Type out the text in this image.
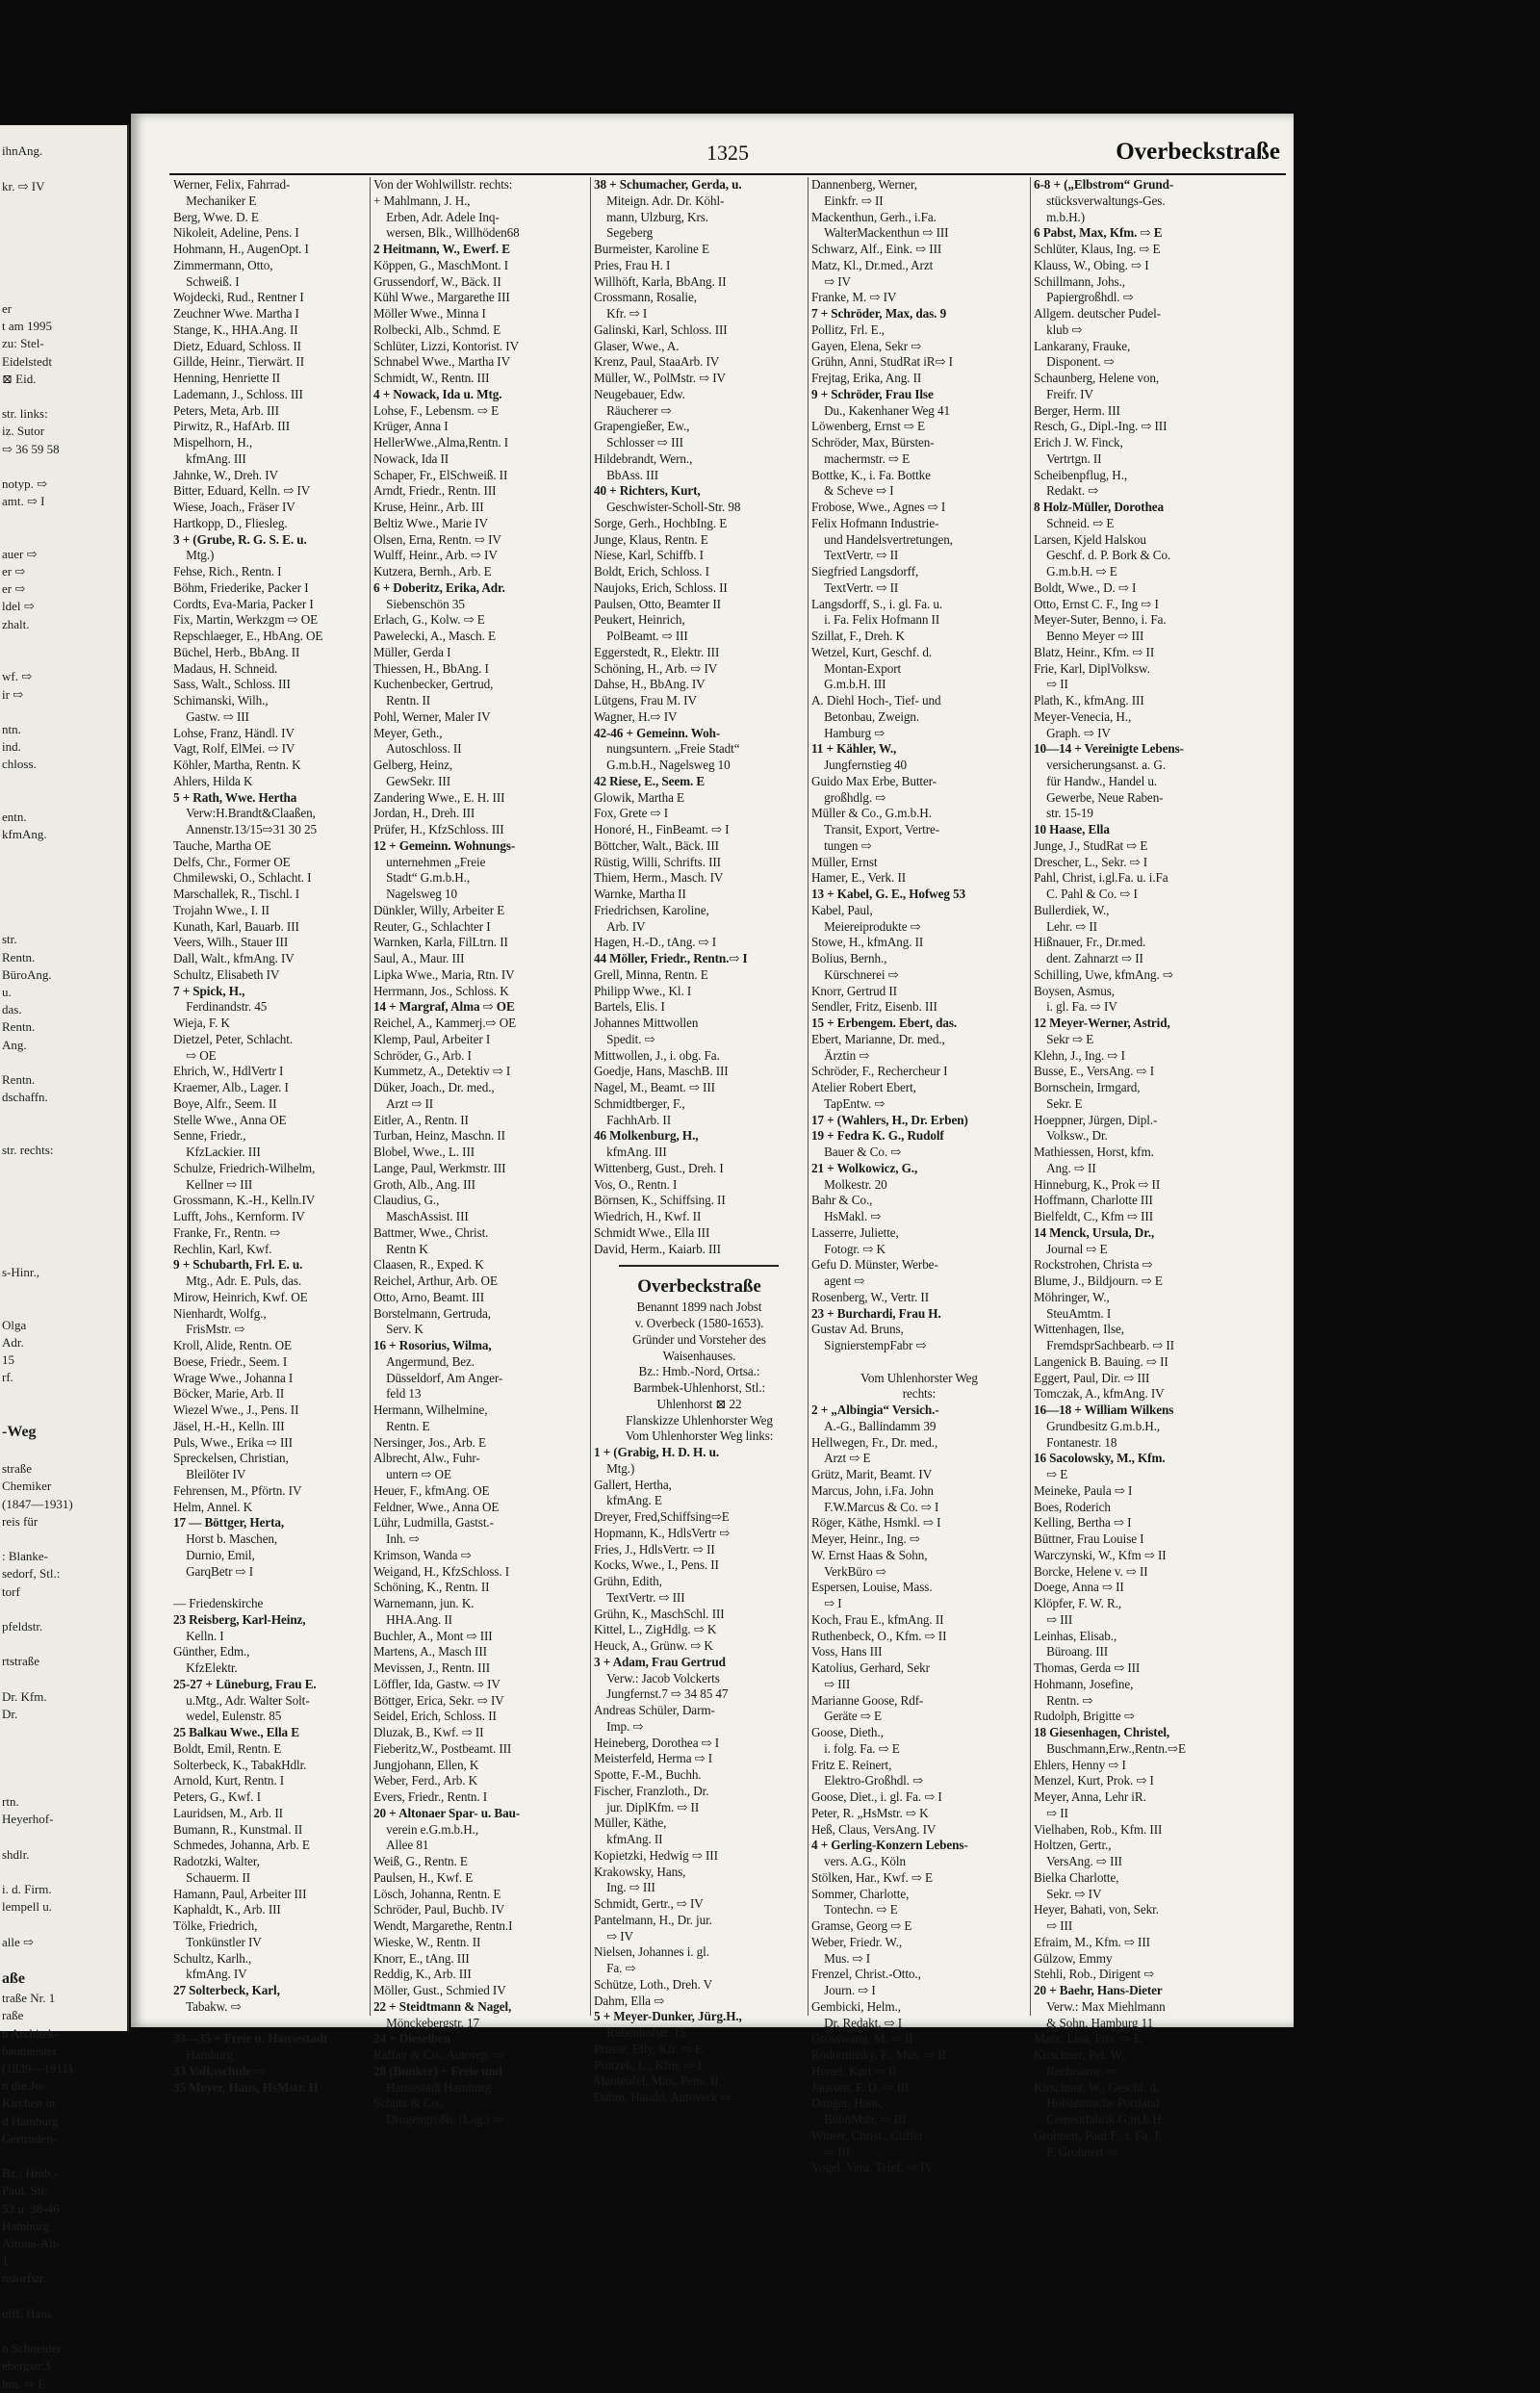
ihnAng.

kr. ⇨ IV

er
t am 1995
zu: Stel-
Eidelstedt
⊠ Eid.

str. links:
iz. Sutor
⇨ 36 59 58

notyp. ⇨
amt. ⇨ I

auer ⇨
er ⇨
er ⇨
ldel ⇨
zhalt.

wf. ⇨
ir ⇨

ntn.
ind.
chloss.

entn.
kfmAng.

str.
Rentn.
BüroAng.
u.
das.
Rentn.
Ang.

Rentn.
dschaffn.

str. rechts:

s-Hinr.,

Olga
Adr.
15
rf.

-Weg

straße
Chemiker
(1847—1931)
reis für

: Blanke-
sedorf, Stl.:
torf

pfeldstr.

rtstraße

Dr. Kfm.
Dr.

rtn.
Heyerhof-

shdlr.

i. d. Firm.
lempell u.

alle ⇨

aße
traße Nr. 1
raße
n Architek-
baumeister
(1839—1911).
n die Jo-
Kirchen in
d Hamburg
Gertruden-

Bz.: Hmb.-
Paul, Stl:
53 u. 38-46
Hamburg
Altona-Alt-
1
nstorfstr.

ulff, Hans

n Schneider
ebergstr.3
hm. ⇨ E
1325	Overbeckstraße
Werner, Felix, Fahrrad-
 Mechaniker E
Berg, Wwe. D. E
Nikoleit, Adeline, Pens. I
Hohmann, H., AugenOpt. I
Zimmermann, Otto,
 Schweiß. I
Wojdecki, Rud., Rentner I
Zeuchner Wwe. Martha I
Stange, K., HHA.Ang. II
Dietz, Eduard, Schloss. II
Gillde, Heinr., Tierwärt. II
Henning, Henriette II
Lademann, J., Schloss. III
Peters, Meta, Arb. III
Pirwitz, R., HafArb. III
Mispelhorn, H.,
 kfmAng. III
Jahnke, W., Dreh. IV
Bitter, Eduard, Kelln. ⇨ IV
Wiese, Joach., Fräser IV
Hartkopp, D., Fliesleg.
3 + (Grube, R. G. S. E. u.
 Mtg.)
Fehse, Rich., Rentn. I
Böhm, Friederike, Packer I
Cordts, Eva-Maria, Packer I
Fix, Martin, Werkzgm ⇨ OE
Repschlaeger, E., HbAng. OE
Büchel, Herb., BbAng. II
Madaus, H. Schneid.
Sass, Walt., Schloss. III
Schimanski, Wilh.,
 Gastw. ⇨ III
Lohse, Franz, Händl. IV
Vagt, Rolf, ElMei. ⇨ IV
Köhler, Martha, Rentn. K
Ahlers, Hilda K
5 + Rath, Wwe. Hertha
 Verw:H.Brandt&Claaßen,
 Annenstr.13/15⇨31 30 25
Tauche, Martha OE
Delfs, Chr., Former OE
Chmilewski, O., Schlacht. I
Marschallek, R., Tischl. I
Trojahn Wwe., I. II
Kunath, Karl, Bauarb. III
Veers, Wilh., Stauer III
Dall, Walt., kfmAng. IV
Schultz, Elisabeth IV
7 + Spick, H.,
 Ferdinandstr. 45
Wieja, F. K
Dietzel, Peter, Schlacht.
 ⇨ OE
Ehrich, W., HdlVertr I
Kraemer, Alb., Lager. I
Boye, Alfr., Seem. II
Stelle Wwe., Anna OE
Senne, Friedr.,
 KfzLackier. III
Schulze, Friedrich-Wilhelm,
 Kellner ⇨ III
Grossmann, K.-H., Kelln.IV
Lufft, Johs., Kernform. IV
Franke, Fr., Rentn. ⇨
Rechlin, Karl, Kwf.
9 + Schubarth, Frl. E. u.
 Mtg., Adr. E. Puls, das.
Mirow, Heinrich, Kwf. OE
Nienhardt, Wolfg.,
 FrisMstr. ⇨
Kroll, Alide, Rentn. OE
Boese, Friedr., Seem. I
Wrage Wwe., Johanna I
Böcker, Marie, Arb. II
Wiezel Wwe., J., Pens. II
Jäsel, H.-H., Kelln. III
Puls, Wwe., Erika ⇨ III
Spreckelsen, Christian,
 Bleilöter IV
Fehrensen, M., Pförtn. IV
Helm, Annel. K
17 — Böttger, Herta,
 Horst b. Maschen,
 Durnio, Emil,
 GarqBetr ⇨ I

— Friedenskirche
23 Reisberg, Karl-Heinz,
 Kelln. I
Günther, Edm.,
 KfzElektr.
25-27 + Lüneburg, Frau E.
 u.Mtg., Adr. Walter Solt-
 wedel, Eulenstr. 85
25 Balkau Wwe., Ella E
Boldt, Emil, Rentn. E
Solterbeck, K., TabakHdlr.
Arnold, Kurt, Rentn. I
Peters, G., Kwf. I
Lauridsen, M., Arb. II
Bumann, R., Kunstmal. II
Schmedes, Johanna, Arb. E
Radotzki, Walter,
 Schauerm. II
Hamann, Paul, Arbeiter III
Kaphaldt, K., Arb. III
Tölke, Friedrich,
 Tonkünstler IV
Schultz, Karlh.,
 kfmAng. IV
27 Solterbeck, Karl,
 Tabakw. ⇨

33—35 + Freie u. Hansestadt
 Hamburg
33 Volksschule ⇨
35 Meyer, Hans, HsMstr. II
Von der Wohlwillstr. rechts:
+ Mahlmann, J. H.,
 Erben, Adr. Adele Inq-
 wersen, Blk., Willhöden68
2 Heitmann, W., Ewerf. E
Köppen, G., MaschMont. I
Grussendorf, W., Bäck. II
Kühl Wwe., Margarethe III
Möller Wwe., Minna I
Rolbecki, Alb., Schmd. E
Schlüter, Lizzi, Kontorist. IV
Schnabel Wwe., Martha IV
Schmidt, W., Rentn. III
4 + Nowack, Ida u. Mtg.
Lohse, F., Lebensm. ⇨ E
Krüger, Anna I
HellerWwe.,Alma,Rentn. I
Nowack, Ida II
Schaper, Fr., ElSchweiß. II
Arndt, Friedr., Rentn. III
Kruse, Heinr., Arb. III
Beltiz Wwe., Marie IV
Olsen, Erna, Rentn. ⇨ IV
Wulff, Heinr., Arb. ⇨ IV
Kutzera, Bernh., Arb. E
6 + Doberitz, Erika, Adr.
 Siebenschön 35
Erlach, G., Kolw. ⇨ E
Pawelecki, A., Masch. E
Müller, Gerda I
Thiessen, H., BbAng. I
Kuchenbecker, Gertrud,
 Rentn. II
Pohl, Werner, Maler IV
Meyer, Geth.,
 Autoschloss. II
Gelberg, Heinz,
 GewSekr. III
Zandering Wwe., E. H. III
Jordan, H., Dreh. III
Prüfer, H., KfzSchloss. III
12 + Gemeinn. Wohnungs-
 unternehmen „Freie
 Stadt“ G.m.b.H.,
 Nagelsweg 10
Dünkler, Willy, Arbeiter E
Reuter, G., Schlachter I
Warnken, Karla, FilLtrn. II
Saul, A., Maur. III
Lipka Wwe., Maria, Rtn. IV
Herrmann, Jos., Schloss. K
14 + Margraf, Alma ⇨ OE
Reichel, A., Kammerj.⇨ OE
Klemp, Paul, Arbeiter I
Schröder, G., Arb. I
Kummetz, A., Detektiv ⇨ I
Düker, Joach., Dr. med.,
 Arzt ⇨ II
Eitler, A., Rentn. II
Turban, Heinz, Maschn. II
Blobel, Wwe., L. III
Lange, Paul, Werkmstr. III
Groth, Alb., Ang. III
Claudius, G.,
 MaschAssist. III
Battmer, Wwe., Christ.
 Rentn K
Claasen, R., Exped. K
Reichel, Arthur, Arb. OE
Otto, Arno, Beamt. III
Borstelmann, Gertruda,
 Serv. K
16 + Rosorius, Wilma,
 Angermund, Bez.
 Düsseldorf, Am Anger-
 feld 13
Hermann, Wilhelmine,
 Rentn. E
Nersinger, Jos., Arb. E
Albrecht, Alw., Fuhr-
 untern ⇨ OE
Heuer, F., kfmAng. OE
Feldner, Wwe., Anna OE
Lühr, Ludmilla, Gastst.-
 Inh. ⇨
Krimson, Wanda ⇨
Weigand, H., KfzSchloss. I
Schöning, K., Rentn. II
Warnemann, jun. K.
 HHA.Ang. II
Buchler, A., Mont ⇨ III
Martens, A., Masch III
Mevissen, J., Rentn. III
Löffler, Ida, Gastw. ⇨ IV
Böttger, Erica, Sekr. ⇨ IV
Seidel, Erich, Schloss. II
Dluzak, B., Kwf. ⇨ II
Fieberitz,W., Postbeamt. III
Jungjohann, Ellen, K
Weber, Ferd., Arb. K
Evers, Friedr., Rentn. I
20 + Altonaer Spar- u. Bau-
 verein e.G.m.b.H.,
 Allee 81
Weiß, G., Rentn. E
Paulsen, H., Kwf. E
Lösch, Johanna, Rentn. E
Schröder, Paul, Buchb. IV
Wendt, Margarethe, Rentn.I
Wieske, W., Rentn. II
Knorr, E., tAng. III
Reddig, K., Arb. III
Möller, Gust., Schmied IV
22 + Steidtmann & Nagel,
 Mönckebergstr. 17
24 + Dieselben
Raffay & Co., Autorep. ⇨
28 (Bunker) + Freie und
 Hansestadt Hamburg
Schütz & Co.,
 Drogengroßh. (Lag.) ⇨
38 + Schumacher, Gerda, u.
 Miteign. Adr. Dr. Köhl-
 mann, Ulzburg, Krs.
 Segeberg
Burmeister, Karoline E
Pries, Frau H. I
Willhöft, Karla, BbAng. II
Crossmann, Rosalie,
 Kfr. ⇨ I
Galinski, Karl, Schloss. III
Glaser, Wwe., A.
Krenz, Paul, StaaArb. IV
Müller, W., PolMstr. ⇨ IV
Neugebauer, Edw.
 Räucherer ⇨
Grapengießer, Ew.,
 Schlosser ⇨ III
Hildebrandt, Wern.,
 BbAss. III
40 + Richters, Kurt,
 Geschwister-Scholl-Str. 98
Sorge, Gerh., HochbIng. E
Junge, Klaus, Rentn. E
Niese, Karl, Schiffb. I
Boldt, Erich, Schloss. I
Naujoks, Erich, Schloss. II
Paulsen, Otto, Beamter II
Peukert, Heinrich,
 PolBeamt. ⇨ III
Eggerstedt, R., Elektr. III
Schöning, H., Arb. ⇨ IV
Dahse, H., BbAng. IV
Lütgens, Frau M. IV
Wagner, H.⇨ IV
42-46 + Gemeinn. Woh-
 nungsuntern. „Freie Stadt“
 G.m.b.H., Nagelsweg 10
42 Riese, E., Seem. E
Glowik, Martha E
Fox, Grete ⇨ I
Honoré, H., FinBeamt. ⇨ I
Böttcher, Walt., Bäck. III
Rüstig, Willi, Schrifts. III
Thiem, Herm., Masch. IV
Warnke, Martha II
Friedrichsen, Karoline,
 Arb. IV
Hagen, H.-D., tAng. ⇨ I
44 Möller, Friedr., Rentn.⇨ I
Grell, Minna, Rentn. E
Philipp Wwe., Kl. I
Bartels, Elis. I
Johannes Mittwollen
 Spedit. ⇨
Mittwollen, J., i. obg. Fa.
Goedje, Hans, MaschB. III
Nagel, M., Beamt. ⇨ III
Schmidtberger, F.,
 FachhArb. II
46 Molkenburg, H.,
 kfmAng. III
Wittenberg, Gust., Dreh. I
Vos, O., Rentn. I
Börnsen, K., Schiffsing. II
Wiedrich, H., Kwf. II
Schmidt Wwe., Ella III
David, Herm., Kaiarb. III
Overbeckstraße
Benannt 1899 nach Jobst
v. Overbeck (1580-1653).
Gründer und Vorsteher des
Waisenhauses.
Bz.: Hmb.-Nord, Ortsa.:
Barmbek-Uhlenhorst, Stl.:
Uhlenhorst ⊠ 22
Flanskizze Uhlenhorster Weg
Vom Uhlenhorster Weg links:
1 + (Grabig, H. D. H. u.
 Mtg.)
Gallert, Hertha,
 kfmAng. E
Dreyer, Fred,Schiffsing⇨E
Hopmann, K., HdlsVertr ⇨
Fries, J., HdlsVertr. ⇨ II
Kocks, Wwe., I., Pens. II
Grühn, Edith,
 TextVertr. ⇨ III
Grühn, K., MaschSchl. III
Kittel, L., ZigHdlg. ⇨ K
Heuck, A., Grünw. ⇨ K
3 + Adam, Frau Gertrud
 Verw.: Jacob Volckerts
 Jungfernst.7 ⇨ 34 85 47
Andreas Schüler, Darm-
 Imp. ⇨
Heineberg, Dorothea ⇨ I
Meisterfeld, Herma ⇨ I
Spotte, F.-M., Buchh.
Fischer, Franzloth., Dr.
 jur. DiplKfm. ⇨ II
Müller, Käthe,
 kfmAng. II
Kopietzki, Hedwig ⇨ III
Krakowsky, Hans,
 Ing. ⇨ III
Schmidt, Gertr., ⇨ IV
Pantelmann, H., Dr. jur.
 ⇨ IV
Nielsen, Johannes i. gl.
 Fa. ⇨
Schütze, Loth., Dreh. V
Dahm, Ella ⇨
5 + Meyer-Dunker, Jürg.H.,
 Rübenhofstr. 15
Prüsse, Elly, Kfr. ⇨ E
Protzek, L., Kfm. ⇨ I
Manteufel, Max, Pens. II
Dahm, Harald, Autoverk ⇨
Dannenberg, Werner,
 Einkfr. ⇨ II
Mackenthun, Gerh., i.Fa.
 WalterMackenthun ⇨ III
Schwarz, Alf., Eink. ⇨ III
Matz, Kl., Dr.med., Arzt
 ⇨ IV
Franke, M. ⇨ IV
7 + Schröder, Max, das. 9
Pollitz, Frl. E.,
Gayen, Elena, Sekr ⇨
Grühn, Anni, StudRat iR⇨ I
Frejtag, Erika, Ang. II
9 + Schröder, Frau Ilse
 Du., Kakenhaner Weg 41
Löwenberg, Ernst ⇨ E
Schröder, Max, Bürsten-
 machermstr. ⇨ E
Bottke, K., i. Fa. Bottke
 & Scheve ⇨ I
Frobose, Wwe., Agnes ⇨ I
Felix Hofmann Industrie-
 und Handelsvertretungen,
 TextVertr. ⇨ II
Siegfried Langsdorff,
 TextVertr. ⇨ II
Langsdorff, S., i. gl. Fa. u.
 i. Fa. Felix Hofmann II
Szillat, F., Dreh. K
Wetzel, Kurt, Geschf. d.
 Montan-Export
 G.m.b.H. III
A. Diehl Hoch-, Tief- und
 Betonbau, Zweign.
 Hamburg ⇨
11 + Kähler, W.,
 Jungfernstieg 40
Guido Max Erbe, Butter-
 großhdlg. ⇨
Müller & Co., G.m.b.H.
 Transit, Export, Vertre-
 tungen ⇨
Müller, Ernst
Hamer, E., Verk. II
13 + Kabel, G. E., Hofweg 53
Kabel, Paul,
 Meiereiprodukte ⇨
Stowe, H., kfmAng. II
Bolius, Bernh.,
 Kürschnerei ⇨
Knorr, Gertrud II
Sendler, Fritz, Eisenb. III
15 + Erbengem. Ebert, das.
Ebert, Marianne, Dr. med.,
 Ärztin ⇨
Schröder, F., Rechercheur I
Atelier Robert Ebert,
 TapEntw. ⇨
17 + (Wahlers, H., Dr. Erben)
19 + Fedra K. G., Rudolf
 Bauer & Co. ⇨
21 + Wolkowicz, G.,
 Molkestr. 20
Bahr & Co.,
 HsMakl. ⇨
Lasserre, Juliette,
 Fotogr. ⇨ K
Gefu D. Münster, Werbe-
 agent ⇨
Rosenberg, W., Vertr. II
23 + Burchardi, Frau H.
Gustav Ad. Bruns,
 SignierstempFabr ⇨

Vom Uhlenhorster Weg
rechts:
2 + „Albingia“ Versich.-
 A.-G., Ballindamm 39
Hellwegen, Fr., Dr. med.,
 Arzt ⇨ E
Grütz, Marit, Beamt. IV
Marcus, John, i.Fa. John
 F.W.Marcus & Co. ⇨ I
Röger, Käthe, Hsmkl. ⇨ I
Meyer, Heinr., Ing. ⇨
W. Ernst Haas & Sohn,
 VerkBüro ⇨
Espersen, Louise, Mass.
 ⇨ I
Koch, Frau E., kfmAng. II
Ruthenbeck, O., Kfm. ⇨ II
Voss, Hans III
Katolius, Gerhard, Sekr
 ⇨ III
Marianne Goose, Rdf-
 Geräte ⇨ E
Goose, Dieth.,
 i. folg. Fa. ⇨ E
Fritz E. Reinert,
 Elektro-Großhdl. ⇨
Goose, Diet., i. gl. Fa. ⇨ I
Peter, R. „HsMstr. ⇨ K
Heß, Claus, VersAng. IV
4 + Gerling-Konzern Lebens-
 vers. A.G., Köln
Stölken, Har., Kwf. ⇨ E
Sommer, Charlotte,
 Tontechn. ⇨ E
Gramse, Georg ⇨ E
Weber, Friedr. W.,
 Mus. ⇨ I
Frenzel, Christ.-Otto.,
 Journ. ⇨ I
Gembicki, Helm.,
 Dr. Redakt. ⇨ I
Grösswang, M. ⇨ II
Rodominsky, F., Mus. ⇨ II
Hertel, Kurt ⇨ II
Janssen, F. D. ⇨ III
Danger, Hans,
 BühnMstr. ⇨ III
Winter, Christ., Cuffer
 ⇨ III
Vogel, Vera, Telef. ⇨ IV
6-8 + („Elbstrom“ Grund-
 stücksverwaltungs-Ges.
 m.b.H.)
6 Pabst, Max, Kfm. ⇨ E
Schlüter, Klaus, Ing. ⇨ E
Klauss, W., Obing. ⇨ I
Schillmann, Johs.,
 Papiergroßhdl. ⇨
Allgem. deutscher Pudel-
 klub ⇨
Lankarany, Frauke,
 Disponent. ⇨
Schaunberg, Helene von,
 Freifr. IV
Berger, Herm. III
Resch, G., Dipl.-Ing. ⇨ III
Erich J. W. Finck,
 Vertrtgn. II
Scheibenpflug, H.,
 Redakt. ⇨
8 Holz-Müller, Dorothea
 Schneid. ⇨ E
Larsen, Kjeld Halskou
 Geschf. d. P. Bork & Co.
 G.m.b.H. ⇨ E
Boldt, Wwe., D. ⇨ I
Otto, Ernst C. F., Ing ⇨ I
Meyer-Suter, Benno, i. Fa.
 Benno Meyer ⇨ III
Blatz, Heinr., Kfm. ⇨ II
Frie, Karl, DiplVolksw.
 ⇨ II
Plath, K., kfmAng. III
Meyer-Venecia, H.,
 Graph. ⇨ IV
10—14 + Vereinigte Lebens-
 versicherungsanst. a. G.
 für Handw., Handel u.
 Gewerbe, Neue Raben-
 str. 15-19
10 Haase, Ella
Junge, J., StudRat ⇨ E
Drescher, L., Sekr. ⇨ I
Pahl, Christ, i.gl.Fa. u. i.Fa
 C. Pahl & Co. ⇨ I
Bullerdiek, W.,
 Lehr. ⇨ II
Hißnauer, Fr., Dr.med.
 dent. Zahnarzt ⇨ II
Schilling, Uwe, kfmAng. ⇨
Boysen, Asmus,
 i. gl. Fa. ⇨ IV
12 Meyer-Werner, Astrid,
 Sekr ⇨ E
Klehn, J., Ing. ⇨ I
Busse, E., VersAng. ⇨ I
Bornschein, Irmgard,
 Sekr. E
Hoeppner, Jürgen, Dipl.-
 Volksw., Dr.
Mathiessen, Horst, kfm.
 Ang. ⇨ II
Hinneburg, K., Prok ⇨ II
Hoffmann, Charlotte III
Bielfeldt, C., Kfm ⇨ III
14 Menck, Ursula, Dr.,
 Journal ⇨ E
Rockstrohen, Christa ⇨
Blume, J., Bildjourn. ⇨ E
Möhringer, W.,
 SteuAmtm. I
Wittenhagen, Ilse,
 FremdsprSachbearb. ⇨ II
Langenick B. Bauing. ⇨ II
Eggert, Paul, Dir. ⇨ III
Tomczak, A., kfmAng. IV
16—18 + William Wilkens
 Grundbesitz G.m.b.H.,
 Fontanestr. 18
16 Sacolowsky, M., Kfm.
 ⇨ E
Meineke, Paula ⇨ I
Boes, Roderich
Kelling, Bertha ⇨ I
Büttner, Frau Louise I
Warczynski, W., Kfm ⇨ II
Borcke, Helene v. ⇨ II
Doege, Anna ⇨ II
Klöpfer, F. W. R.,
 ⇨ III
Leinhas, Elisab.,
 Büroang. III
Thomas, Gerda ⇨ III
Hohmann, Josefine,
 Rentn. ⇨
Rudolph, Brigitte ⇨
18 Giesenhagen, Christel,
 Buschmann,Erw.,Rentn.⇨E
Ehlers, Henny ⇨ I
Menzel, Kurt, Prok. ⇨ I
Meyer, Anna, Lehr iR.
 ⇨ II
Vielhaben, Rob., Kfm. III
Holtzen, Gertr.,
 VersAng. ⇨ III
Bielka Charlotte,
 Sekr. ⇨ IV
Heyer, Bahati, von, Sekr.
 ⇨ III
Efraim, M., Kfm. ⇨ III
Gülzow, Emmy
Stehli, Rob., Dirigent ⇨
20 + Baehr, Hans-Dieter
 Verw.: Max Miehlmann
 & Sohn, Hamburg 11
Marx, Lisa, Fris. ⇨ E
Kirschner, Pet. W.,
 Rechtsanw. ⇨
Kirschner, W., Geschf. d.
 Holsteinische Portland
 Cementfabrik G.m.b.H.
Grohnert, Paul F., i. Fa. J.
 F. Grohnert ⇨
